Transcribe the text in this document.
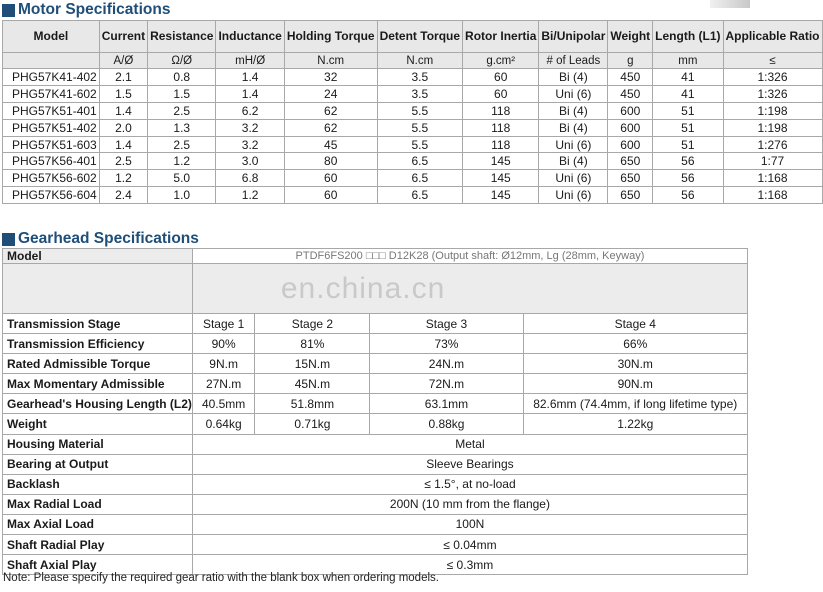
Motor Specifications
Model	Current	Resistance	Inductance	Holding Torque	Detent Torque	Rotor Inertia	Bi/Unipolar	Weight	Length (L1)	Applicable Ratio
	A/Ø	Ω/Ø	mH/Ø	N.cm	N.cm	g.cm²	# of Leads	g	mm	≤
PHG57K41-402	2.1	0.8	1.4	32	3.5	60	Bi (4)	450	41	1:326
PHG57K41-602	1.5	1.5	1.4	24	3.5	60	Uni (6)	450	41	1:326
PHG57K51-401	1.4	2.5	6.2	62	5.5	118	Bi (4)	600	51	1:198
PHG57K51-402	2.0	1.3	3.2	62	5.5	118	Bi (4)	600	51	1:198
PHG57K51-603	1.4	2.5	3.2	45	5.5	118	Uni (6)	600	51	1:276
PHG57K56-401	2.5	1.2	3.0	80	6.5	145	Bi (4)	650	56	1:77
PHG57K56-602	1.2	5.0	6.8	60	6.5	145	Uni (6)	650	56	1:168
PHG57K56-604	2.4	1.0	1.2	60	6.5	145	Uni (6)	650	56	1:168
Gearhead Specifications
Model	PTDF6FS200 □□□ D12K28 (Output shaft: Ø12mm, Lg (28mm, Keyway)			
	en.china.cn			
Transmission Stage	Stage 1	Stage 2	Stage 3	Stage 4
Transmission Efficiency	90%	81%	73%	66%
Rated Admissible Torque	9N.m	15N.m	24N.m	30N.m
Max Momentary Admissible	27N.m	45N.m	72N.m	90N.m
Gearhead's Housing Length (L2)	40.5mm	51.8mm	63.1mm	82.6mm (74.4mm, if long lifetime type)
Weight	0.64kg	0.71kg	0.88kg	1.22kg
Housing Material	Metal			
Bearing at Output	Sleeve Bearings			
Backlash	≤ 1.5°, at no-load			
Max Radial Load	200N (10 mm from the flange)			
Max Axial Load	100N			
Shaft Radial Play	≤ 0.04mm			
Shaft Axial Play	≤ 0.3mm			
Note: Please specify the required gear ratio with the blank box when ordering models.
